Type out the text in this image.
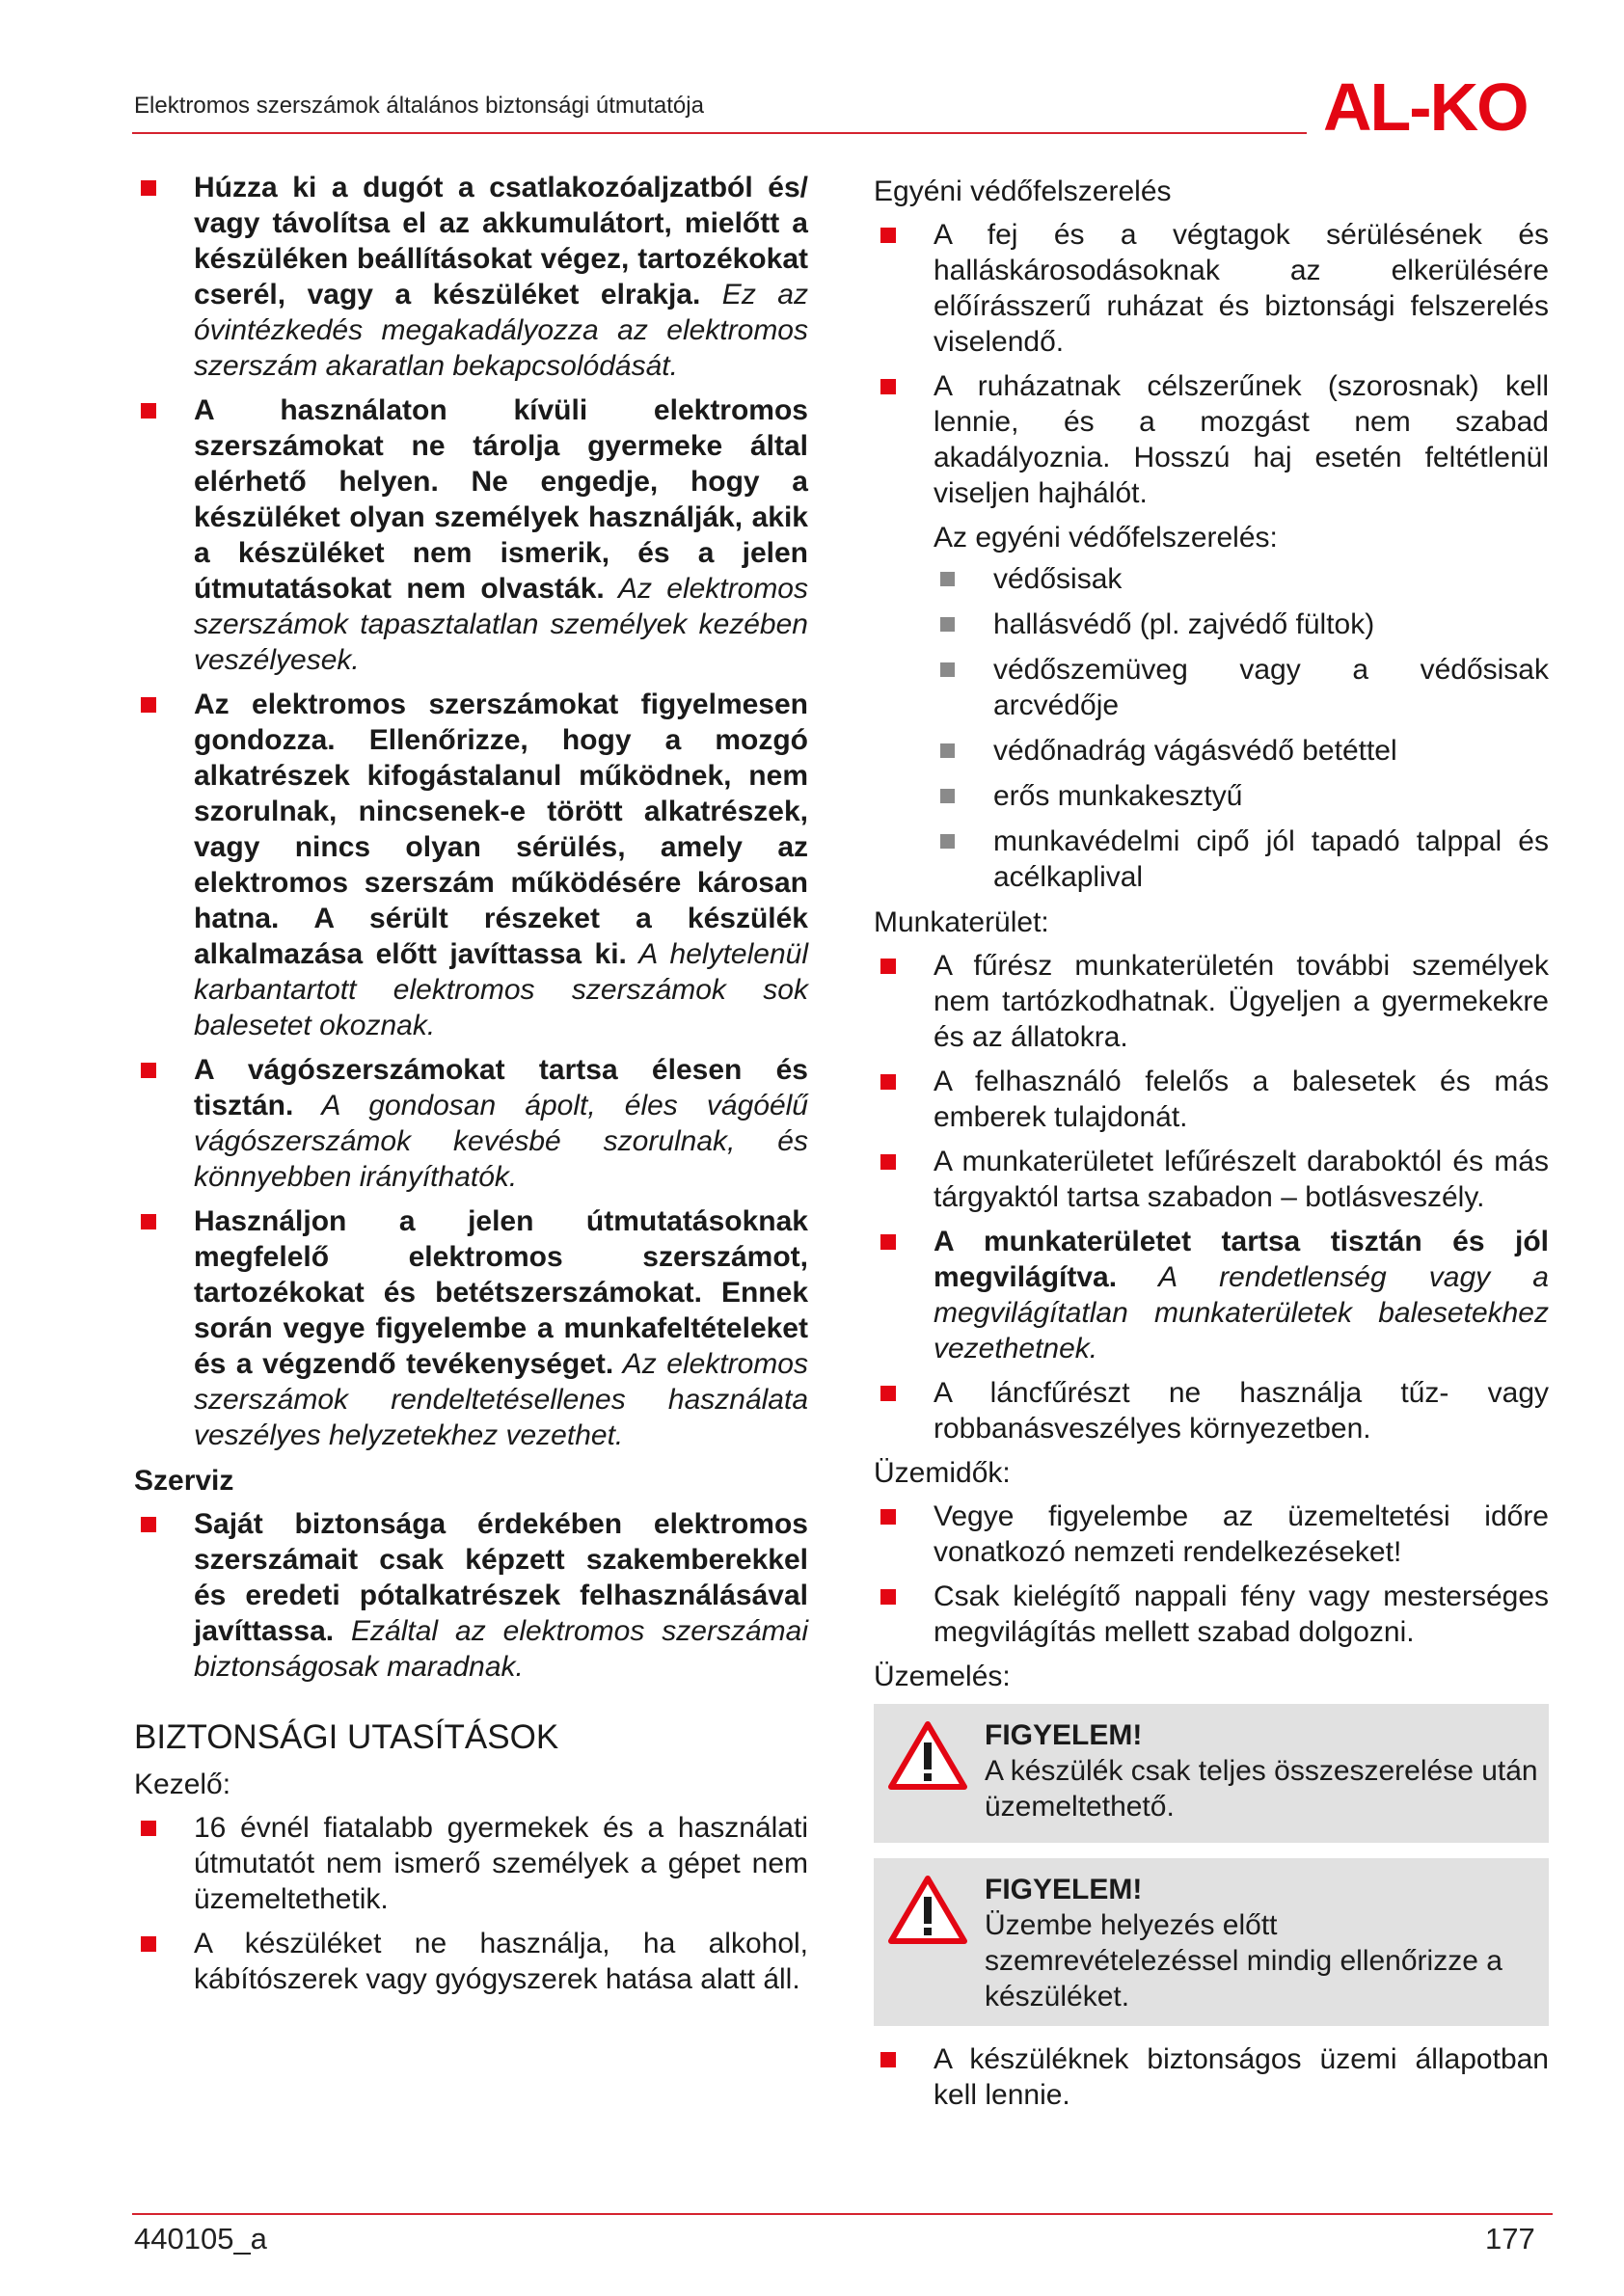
Elektromos szerszámok általános biztonsági útmutatója	AL-KO
Húzza ki a dugót a csatlakozóaljzatból és/ vagy távolítsa el az akkumulátort, mielőtt a készüléken beállításokat végez, tartozékokat cserél, vagy a készüléket elrakja. Ez az óvintézkedés megakadályozza az elektromos szerszám akaratlan bekapcsolódását.
A használaton kívüli elektromos szerszámokat ne tárolja gyermeke által elérhető helyen. Ne engedje, hogy a készüléket olyan személyek használják, akik a készüléket nem ismerik, és a jelen útmutatásokat nem olvasták. Az elektromos szerszámok tapasztalatlan személyek kezében veszélyesek.
Az elektromos szerszámokat figyelmesen gondozza. Ellenőrizze, hogy a mozgó alkatrészek kifogástalanul működnek, nem szorulnak, nincsenek-e törött alkatrészek, vagy nincs olyan sérülés, amely az elektromos szerszám működésére károsan hatna. A sérült részeket a készülék alkalmazása előtt javíttassa ki. A helytelenül karbantartott elektromos szerszámok sok balesetet okoznak.
A vágószerszámokat tartsa élesen és tisztán. A gondosan ápolt, éles vágóélű vágószerszámok kevésbé szorulnak, és könnyebben irányíthatók.
Használjon a jelen útmutatásoknak megfelelő elektromos szerszámot, tartozékokat és betétszerszámokat. Ennek során vegye figyelembe a munkafeltételeket és a végzendő tevékenységet. Az elektromos szerszámok rendeltetésellenes használata veszélyes helyzetekhez vezethet.
Szerviz
Saját biztonsága érdekében elektromos szerszámait csak képzett szakemberekkel és eredeti pótalkatrészek felhasználásával javíttassa. Ezáltal az elektromos szerszámai biztonságosak maradnak.
BIZTONSÁGI UTASÍTÁSOK
Kezelő:
16 évnél fiatalabb gyermekek és a használati útmutatót nem ismerő személyek a gépet nem üzemeltethetik.
A készüléket ne használja, ha alkohol, kábítószerek vagy gyógyszerek hatása alatt áll.
Egyéni védőfelszerelés
A fej és a végtagok sérülésének és halláskárosodásoknak az elkerülésére előírásszerű ruházat és biztonsági felszerelés viselendő.
A ruházatnak célszerűnek (szorosnak) kell lennie, és a mozgást nem szabad akadályoznia. Hosszú haj esetén feltétlenül viseljen hajhálót.
Az egyéni védőfelszerelés:
védősisak
hallásvédő (pl. zajvédő fültok)
védőszemüveg vagy a védősisak arcvédője
védőnadrág vágásvédő betéttel
erős munkakesztyű
munkavédelmi cipő jól tapadó talppal és acélkaplival
Munkaterület:
A fűrész munkaterületén további személyek nem tartózkodhatnak. Ügyeljen a gyermekekre és az állatokra.
A felhasználó felelős a balesetek és más emberek tulajdonát.
A munkaterületet lefűrészelt daraboktól és más tárgyaktól tartsa szabadon – botlásveszély.
A munkaterületet tartsa tisztán és jól megvilágítva. A rendetlenség vagy a megvilágítatlan munkaterületek balesetekhez vezethetnek.
A láncfűrészt ne használja tűz- vagy robbanásveszélyes környezetben.
Üzemidők:
Vegye figyelembe az üzemeltetési időre vonatkozó nemzeti rendelkezéseket!
Csak kielégítő nappali fény vagy mesterséges megvilágítás mellett szabad dolgozni.
Üzemelés:
FIGYELEM!
A készülék csak teljes összeszerelése után üzemeltethető.
FIGYELEM!
Üzembe helyezés előtt szemrevételezéssel mindig ellenőrizze a készüléket.
A készüléknek biztonságos üzemi állapotban kell lennie.
440105_a	177
